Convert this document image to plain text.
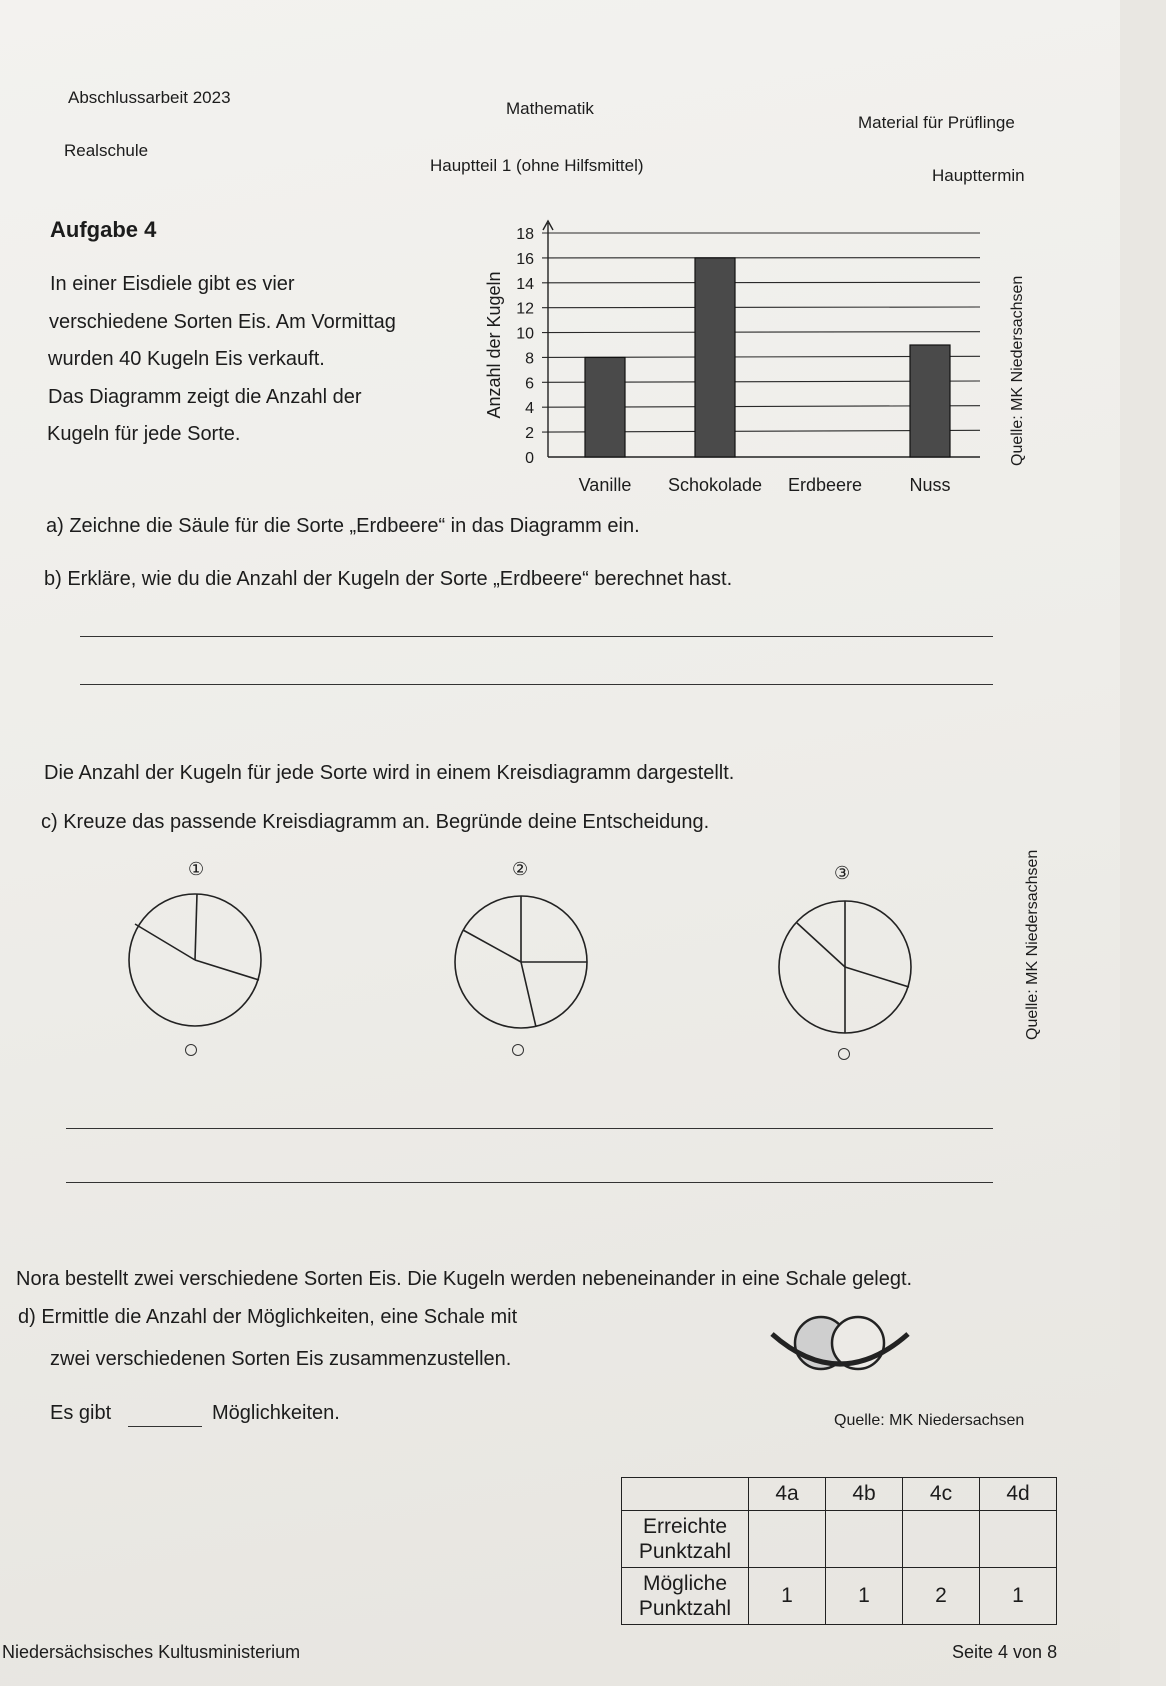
Abschlussarbeit 2023
Mathematik
Material für Prüflinge
Realschule
Hauptteil 1 (ohne Hilfsmittel)
Haupttermin
Aufgabe 4
In einer Eisdiele gibt es vier
verschiedene Sorten Eis. Am Vormittag
wurden 40 Kugeln Eis verkauft.
Das Diagramm zeigt die Anzahl der
Kugeln für jede Sorte.
0
2
4
6
8
10
12
14
16
18
Anzahl der Kugeln
Vanille Schokolade Erdbeere	Nuss
Quelle: MK Niedersachsen
a) Zeichne die Säule für die Sorte „Erdbeere“ in das Diagramm ein.
b) Erkläre, wie du die Anzahl der Kugeln der Sorte „Erdbeere“ berechnet hast.
Die Anzahl der Kugeln für jede Sorte wird in einem Kreisdiagramm dargestellt.
c) Kreuze das passende Kreisdiagramm an. Begründe deine Entscheidung.
①	②	③	Quelle: MK Niedersachsen
Nora bestellt zwei verschiedene Sorten Eis. Die Kugeln werden nebeneinander in eine Schale gelegt.
d) Ermittle die Anzahl der Möglichkeiten, eine Schale mit
zwei verschiedenen Sorten Eis zusammenzustellen.
Es gibt	Möglichkeiten.	Quelle: MK Niedersachsen
	4a	4b	4c	4d
Erreichte
Punktzahl				
Mögliche
Punktzahl	1	1	2	1
Niedersächsisches Kultusministerium	Seite 4 von 8
